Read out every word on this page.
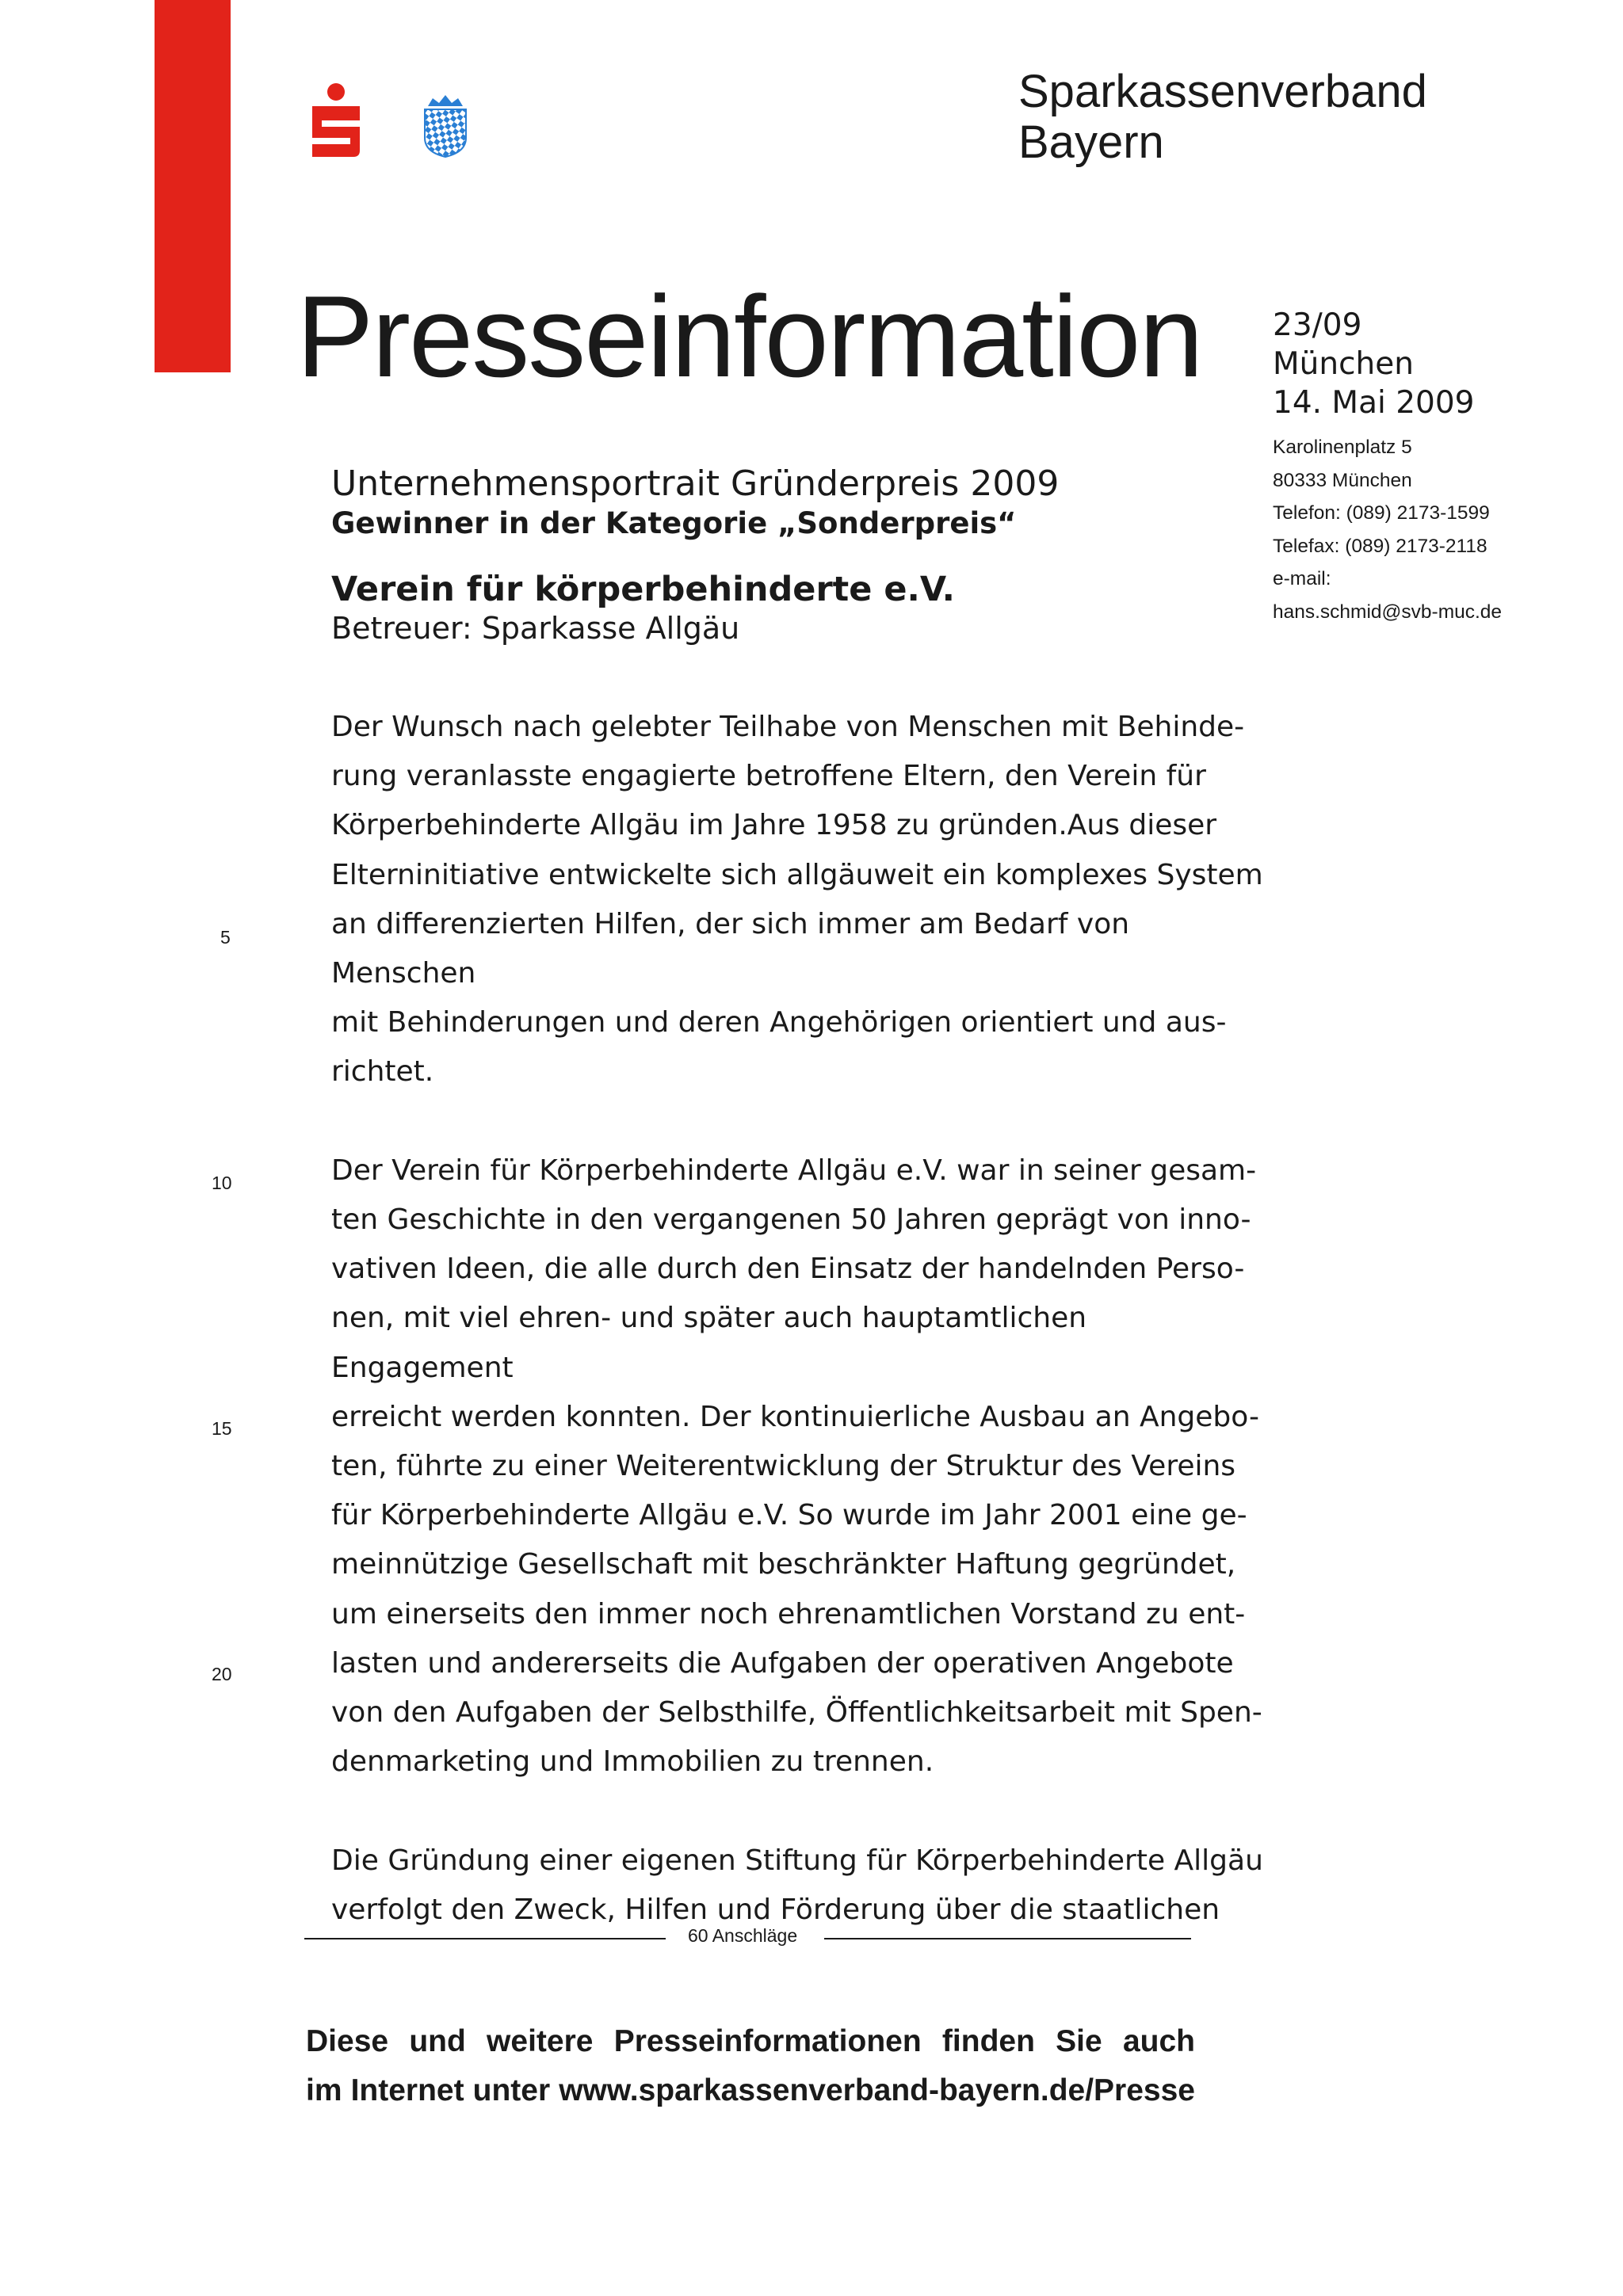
Sparkassenverband
Bayern
Presseinformation 23/09
München
14. Mai 2009
Karolinenplatz 5
80333 München
Telefon: (089) 2173-1599
Telefax: (089) 2173-2118
e-mail:
hans.schmid@svb-muc.de
Unternehmensportrait Gründerpreis 2009
Gewinner in der Kategorie „Sonderpreis“
Verein für körperbehinderte e.V.

Betreuer: Sparkasse Allgäu

Der Wunsch nach gelebter Teilhabe von Menschen mit Behinde-
rung veranlasste engagierte betroffene Eltern, den Verein für
Körperbehinderte Allgäu im Jahre 1958 zu gründen.Aus dieser
Elterninitiative entwickelte sich allgäuweit ein komplexes System
an differenzierten Hilfen, der sich immer am Bedarf von Menschen
mit Behinderungen und deren Angehörigen orientiert und aus-
richtet.

Der Verein für Körperbehinderte Allgäu e.V. war in seiner gesam-
ten Geschichte in den vergangenen 50 Jahren geprägt von inno-
vativen Ideen, die alle durch den Einsatz der handelnden Perso-
nen, mit viel ehren- und später auch hauptamtlichen Engagement
erreicht werden konnten. Der kontinuierliche Ausbau an Angebo-
ten, führte zu einer Weiterentwicklung der Struktur des Vereins
für Körperbehinderte Allgäu e.V. So wurde im Jahr 2001 eine ge-
meinnützige Gesellschaft mit beschränkter Haftung gegründet,
um einerseits den immer noch ehrenamtlichen Vorstand zu ent-
lasten und andererseits die Aufgaben der operativen Angebote
von den Aufgaben der Selbsthilfe, Öffentlichkeitsarbeit mit Spen-
denmarketing und Immobilien zu trennen.

Die Gründung einer eigenen Stiftung für Körperbehinderte Allgäu
verfolgt den Zweck, Hilfen und Förderung über die staatlichen

5
10
15
20
60 Anschläge
Diese und weitere Presseinformationen finden Sie auch
im Internet unter www.sparkassenverband-bayern.de/Presse
